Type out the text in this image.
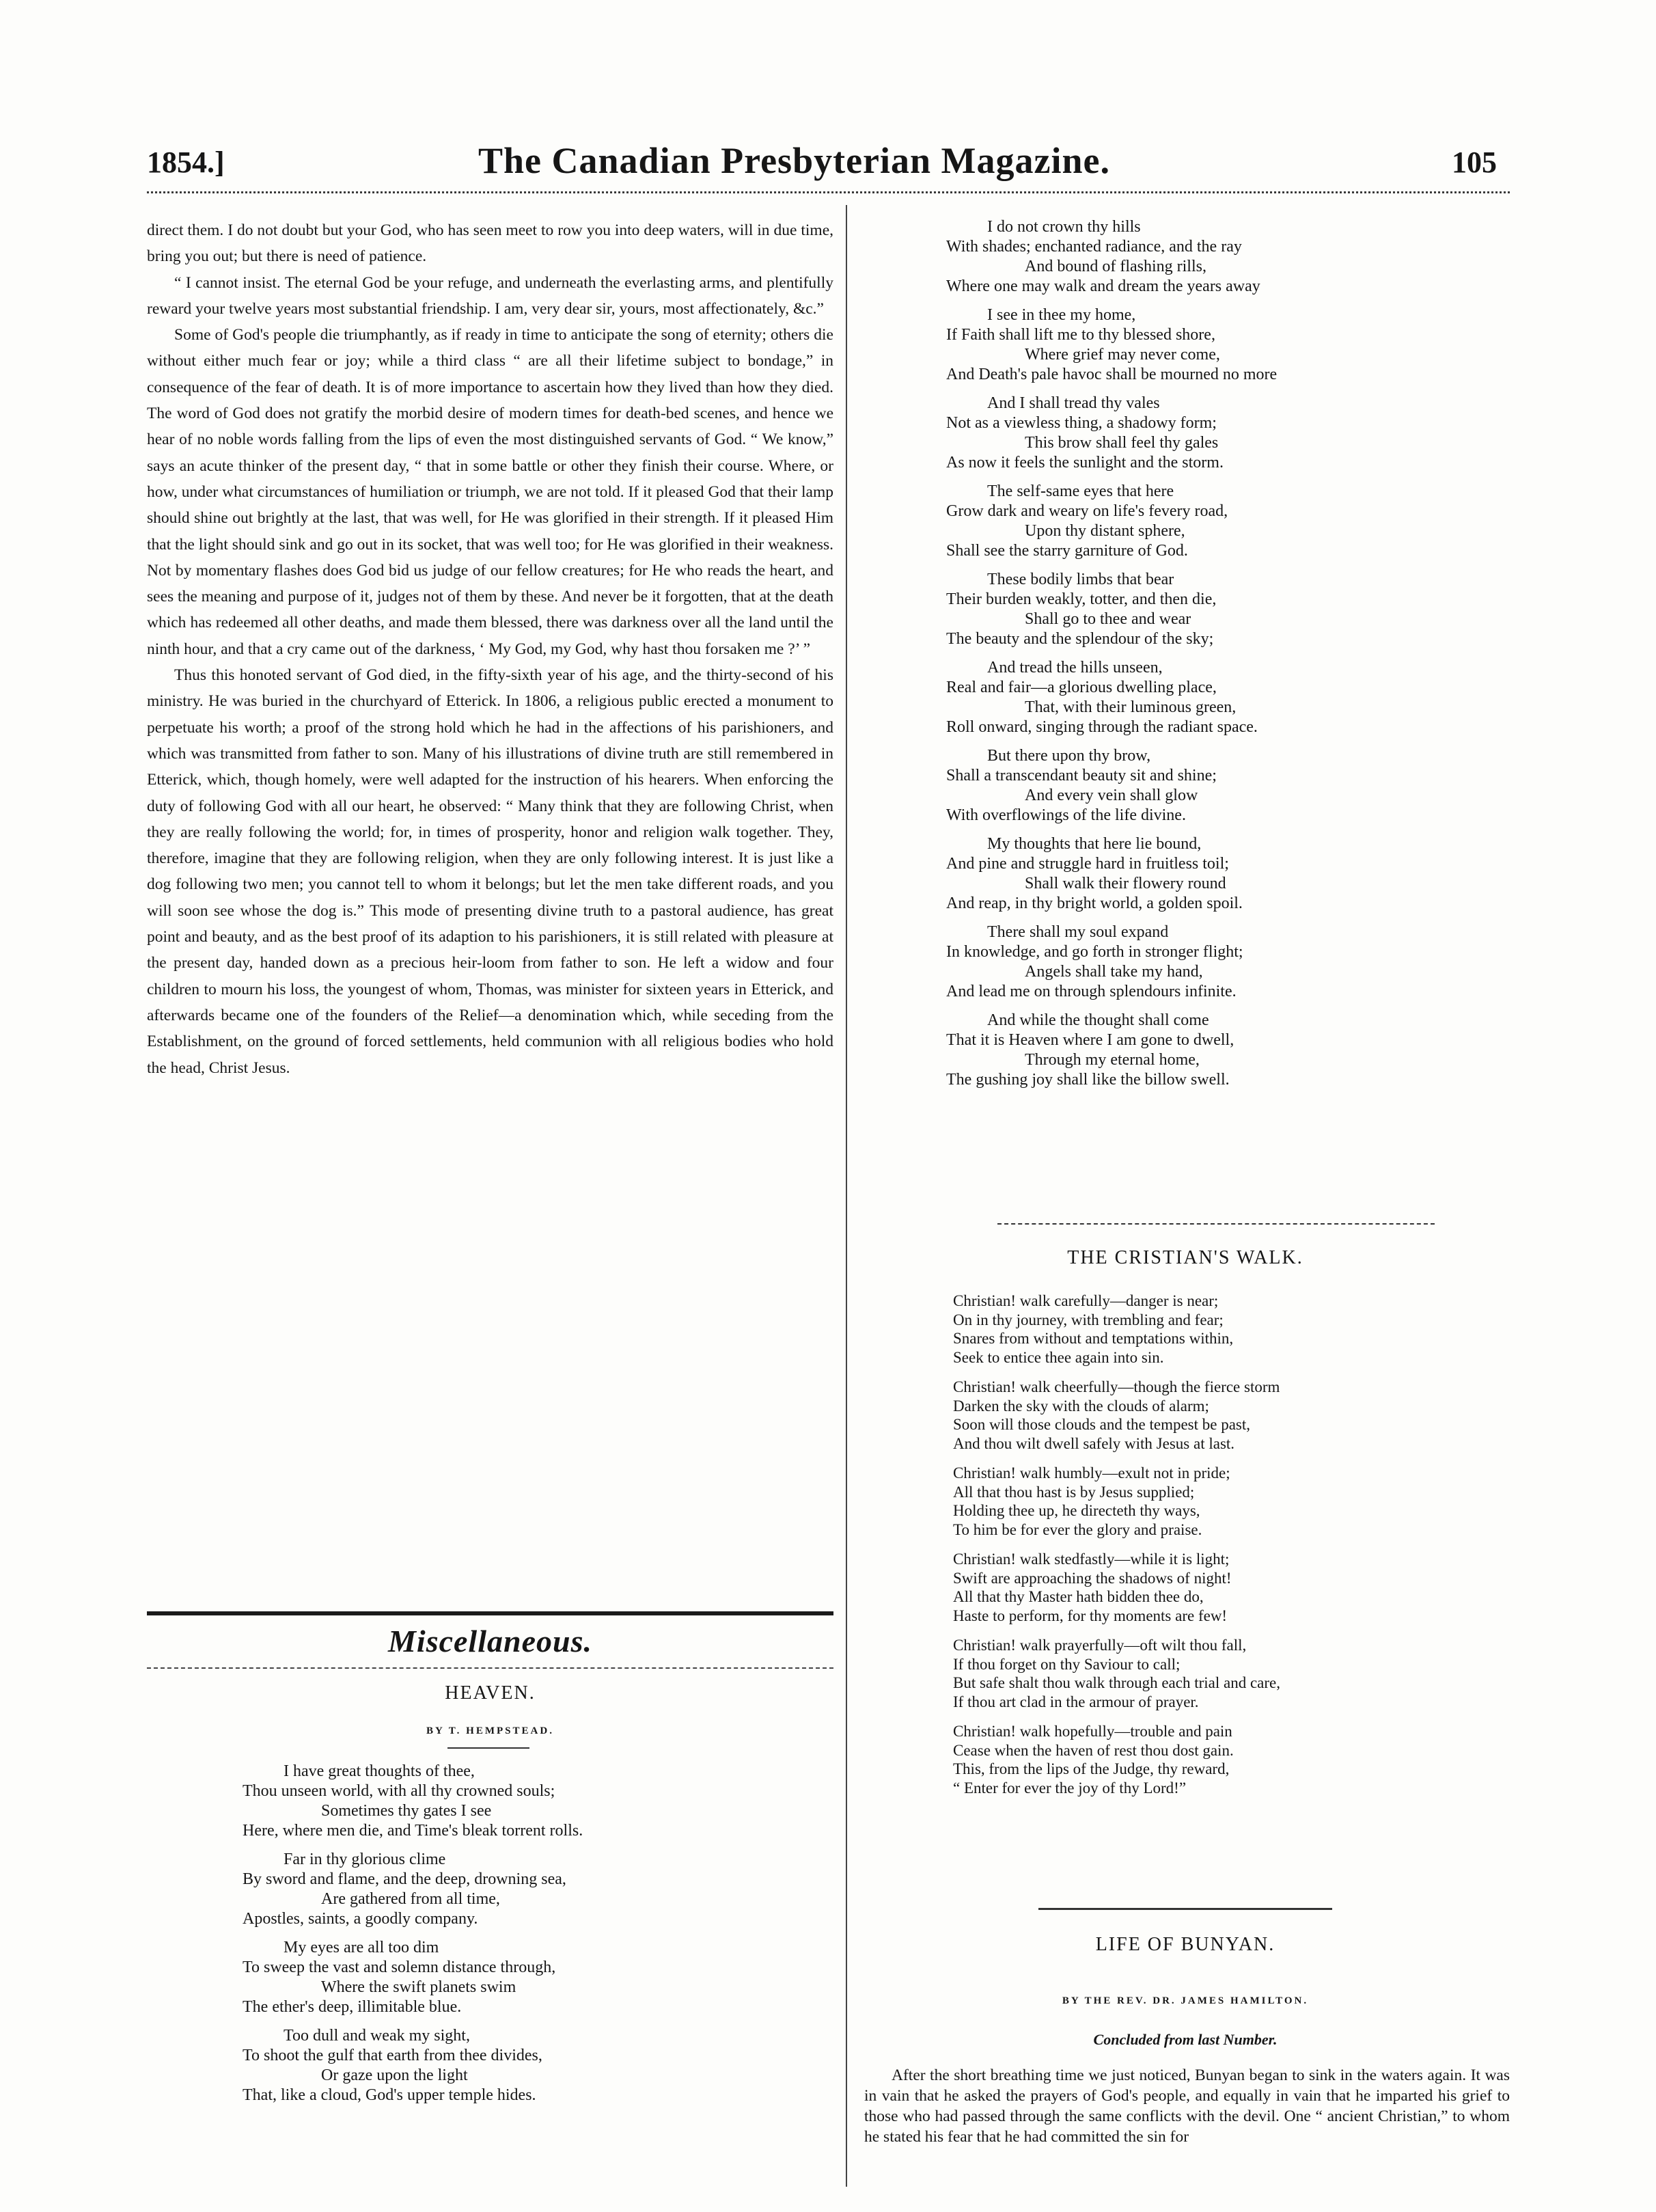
1854.]	The Canadian Presbyterian Magazine.	105

direct them. I do not doubt but your God, who has seen meet to row you into deep waters, will in due time, bring you out; but there is need of patience.

“ I cannot insist. The eternal God be your refuge, and underneath the everlasting arms, and plentifully reward your twelve years most substantial friendship. I am, very dear sir, yours, most affectionately, &c.”

Some of God's people die triumphantly, as if ready in time to anticipate the song of eternity; others die without either much fear or joy; while a third class “ are all their lifetime subject to bondage,” in consequence of the fear of death. It is of more importance to ascertain how they lived than how they died. The word of God does not gratify the morbid desire of modern times for death-bed scenes, and hence we hear of no noble words falling from the lips of even the most distinguished servants of God. “ We know,” says an acute thinker of the present day, “ that in some battle or other they finish their course. Where, or how, under what circumstances of humiliation or triumph, we are not told. If it pleased God that their lamp should shine out brightly at the last, that was well, for He was glorified in their strength. If it pleased Him that the light should sink and go out in its socket, that was well too; for He was glorified in their weakness. Not by momentary flashes does God bid us judge of our fellow creatures; for He who reads the heart, and sees the meaning and purpose of it, judges not of them by these. And never be it forgotten, that at the death which has redeemed all other deaths, and made them blessed, there was darkness over all the land until the ninth hour, and that a cry came out of the darkness, ‘ My God, my God, why hast thou forsaken me ?’ ”

Thus this honoted servant of God died, in the fifty-sixth year of his age, and the thirty-second of his ministry. He was buried in the churchyard of Etterick. In 1806, a religious public erected a monument to perpetuate his worth; a proof of the strong hold which he had in the affections of his parishioners, and which was transmitted from father to son. Many of his illustrations of divine truth are still remembered in Etterick, which, though homely, were well adapted for the instruction of his hearers. When enforcing the duty of following God with all our heart, he observed: “ Many think that they are following Christ, when they are really following the world; for, in times of prosperity, honor and religion walk together. They, therefore, imagine that they are following religion, when they are only following interest. It is just like a dog following two men; you cannot tell to whom it belongs; but let the men take different roads, and you will soon see whose the dog is.” This mode of presenting divine truth to a pastoral audience, has great point and beauty, and as the best proof of its adaption to his parishioners, it is still related with pleasure at the present day, handed down as a precious heir-loom from father to son. He left a widow and four children to mourn his loss, the youngest of whom, Thomas, was minister for sixteen years in Etterick, and afterwards became one of the founders of the Relief—a denomination which, while seceding from the Establishment, on the ground of forced settlements, held communion with all religious bodies who hold the head, Christ Jesus.

Miscellaneous.
HEAVEN.
BY T. HEMPSTEAD.
I have great thoughts of thee,
Thou unseen world, with all thy crowned souls;
Sometimes thy gates I see
Here, where men die, and Time's bleak torrent rolls.
Far in thy glorious clime
By sword and flame, and the deep, drowning sea,
Are gathered from all time,
Apostles, saints, a goodly company.
My eyes are all too dim
To sweep the vast and solemn distance through,
Where the swift planets swim
The ether's deep, illimitable blue.
Too dull and weak my sight,
To shoot the gulf that earth from thee divides,
Or gaze upon the light
That, like a cloud, God's upper temple hides.
I do not crown thy hills
With shades; enchanted radiance, and the ray
And bound of flashing rills,
Where one may walk and dream the years away
I see in thee my home,
If Faith shall lift me to thy blessed shore,
Where grief may never come,
And Death's pale havoc shall be mourned no more
And I shall tread thy vales
Not as a viewless thing, a shadowy form;
This brow shall feel thy gales
As now it feels the sunlight and the storm.
The self-same eyes that here
Grow dark and weary on life's fevery road,
Upon thy distant sphere,
Shall see the starry garniture of God.
These bodily limbs that bear
Their burden weakly, totter, and then die,
Shall go to thee and wear
The beauty and the splendour of the sky;
And tread the hills unseen,
Real and fair—a glorious dwelling place,
That, with their luminous green,
Roll onward, singing through the radiant space.
But there upon thy brow,
Shall a transcendant beauty sit and shine;
And every vein shall glow
With overflowings of the life divine.
My thoughts that here lie bound,
And pine and struggle hard in fruitless toil;
Shall walk their flowery round
And reap, in thy bright world, a golden spoil.
There shall my soul expand
In knowledge, and go forth in stronger flight;
Angels shall take my hand,
And lead me on through splendours infinite.
And while the thought shall come
That it is Heaven where I am gone to dwell,
Through my eternal home,
The gushing joy shall like the billow swell.
THE CRISTIAN'S WALK.
Christian! walk carefully—danger is near;
On in thy journey, with trembling and fear;
Snares from without and temptations within,
Seek to entice thee again into sin.
Christian! walk cheerfully—though the fierce storm
Darken the sky with the clouds of alarm;
Soon will those clouds and the tempest be past,
And thou wilt dwell safely with Jesus at last.
Christian! walk humbly—exult not in pride;
All that thou hast is by Jesus supplied;
Holding thee up, he directeth thy ways,
To him be for ever the glory and praise.
Christian! walk stedfastly—while it is light;
Swift are approaching the shadows of night!
All that thy Master hath bidden thee do,
Haste to perform, for thy moments are few!
Christian! walk prayerfully—oft wilt thou fall,
If thou forget on thy Saviour to call;
But safe shalt thou walk through each trial and care,
If thou art clad in the armour of prayer.
Christian! walk hopefully—trouble and pain
Cease when the haven of rest thou dost gain.
This, from the lips of the Judge, thy reward,
“ Enter for ever the joy of thy Lord!”
LIFE OF BUNYAN.
BY THE REV. DR. JAMES HAMILTON.
Concluded from last Number.

After the short breathing time we just noticed, Bunyan began to sink in the waters again. It was in vain that he asked the prayers of God's people, and equally in vain that he imparted his grief to those who had passed through the same conflicts with the devil. One “ ancient Christian,” to whom he stated his fear that he had committed the sin for
